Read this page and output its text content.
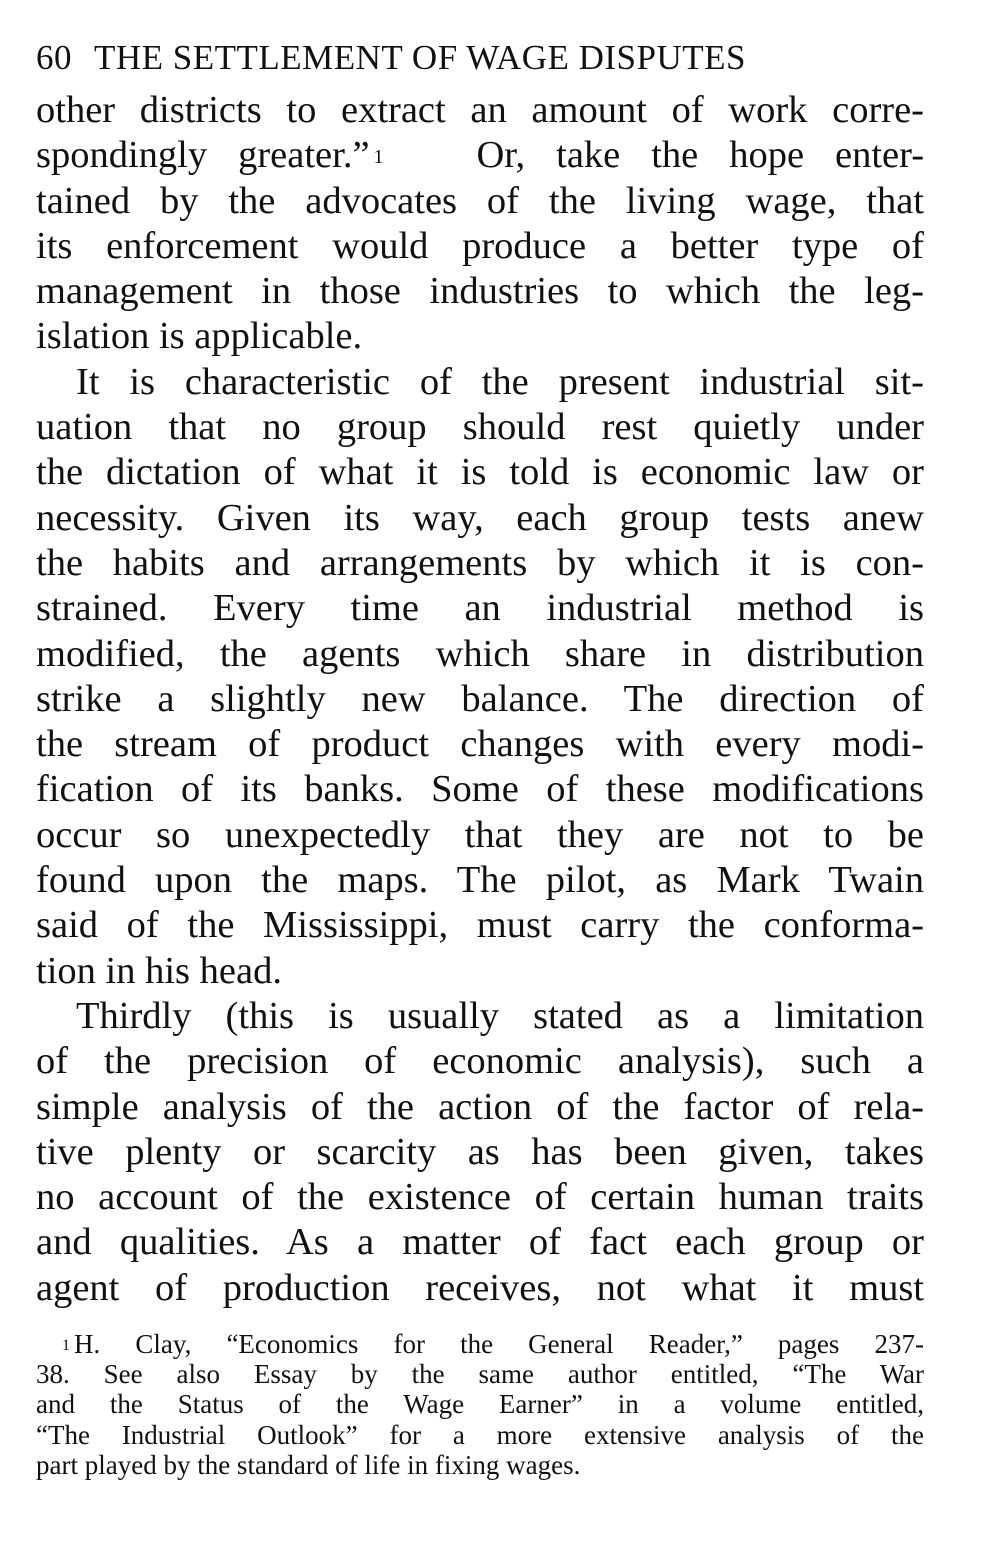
60 THE SETTLEMENT OF WAGE DISPUTES

other districts to extract an amount of work corre-
spondingly greater.” $^1$ Or, take the hope enter-
tained by the advocates of the living wage, that
its enforcement would produce a better type of
management in those industries to which the leg-
islation is applicable.

It is characteristic of the present industrial sit-
uation that no group should rest quietly under
the dictation of what it is told is economic law or
necessity. Given its way, each group tests anew
the habits and arrangements by which it is con-
strained. Every time an industrial method is
modified, the agents which share in distribution
strike a slightly new balance. The direction of
the stream of product changes with every modi-
fication of its banks. Some of these modifications
occur so unexpectedly that they are not to be
found upon the maps. The pilot, as Mark Twain
said of the Mississippi, must carry the conforma-
tion in his head.

Thirdly (this is usually stated as a limitation
of the precision of economic analysis), such a
simple analysis of the action of the factor of rela-
tive plenty or scarcity as has been given, takes
no account of the existence of certain human traits
and qualities. As a matter of fact each group or
agent of production receives, not what it must

$^1$ H. Clay, “Economics for the General Reader,” pages 237-
38. See also Essay by the same author entitled, “The War
and the Status of the Wage Earner” in a volume entitled,
“The Industrial Outlook” for a more extensive analysis of the
part played by the standard of life in fixing wages.
